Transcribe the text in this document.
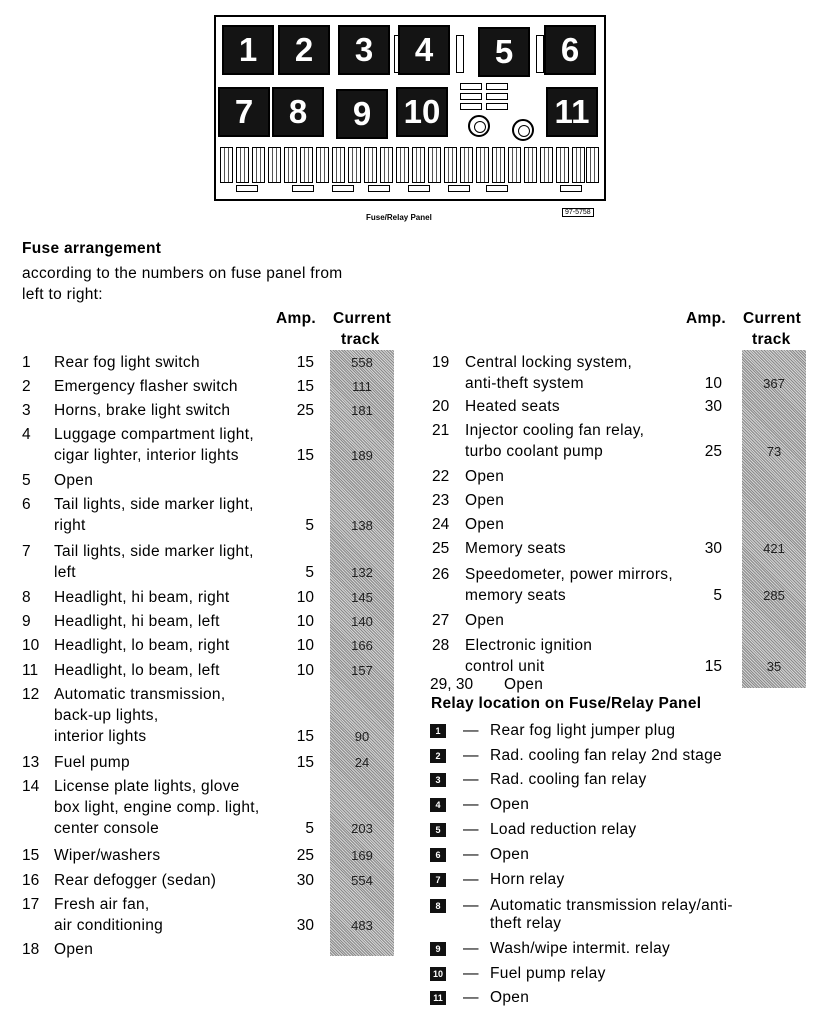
1	2	3	4	5	6
7	8	9 10	11
Fuse/Relay Panel
97-5758
Fuse arrangement
according to the numbers on fuse panel from
left to right:
Amp. Current
track
Amp. Current
track
Relay location on Fuse/Relay Panel
1 Rear fog light switch	15	558
2 Emergency flasher switch	15	111
3 Horns, brake light switch	25	181
4 Luggage compartment light,
cigar lighter, interior lights	15	189
5 Open
6 Tail lights, side marker light,
right	5	138
7 Tail lights, side marker light,
left	5	132
8 Headlight, hi beam, right	10	145
9 Headlight, hi beam, left	10	140
10 Headlight, lo beam, right	10	166
11 Headlight, lo beam, left	10	157
12 Automatic transmission,
back-up lights,
interior lights	15	90
13 Fuel pump	15	24
14 License plate lights, glove
box light, engine comp. light,
center console	5	203
15 Wiper/washers	25	169
16 Rear defogger (sedan)	30	554
17 Fresh air fan,
air conditioning	30	483
18 Open
19 Central locking system,
anti-theft system	10	367
20 Heated seats	30
21 Injector cooling fan relay,
turbo coolant pump	25	73
22 Open
23 Open
24 Open
25 Memory seats	30	421
26 Speedometer, power mirrors,
memory seats	5	285
27 Open
28 Electronic ignition
control unit	15	35
29, 30 Open
1	— Rear fog light jumper plug
2	— Rad. cooling fan relay 2nd stage
3	— Rad. cooling fan relay
4	— Open
5	— Load reduction relay
6	— Open
7	— Horn relay
8	— Automatic transmission relay/anti-
theft relay
9	— Wash/wipe intermit. relay
10 — Fuel pump relay
11 — Open
